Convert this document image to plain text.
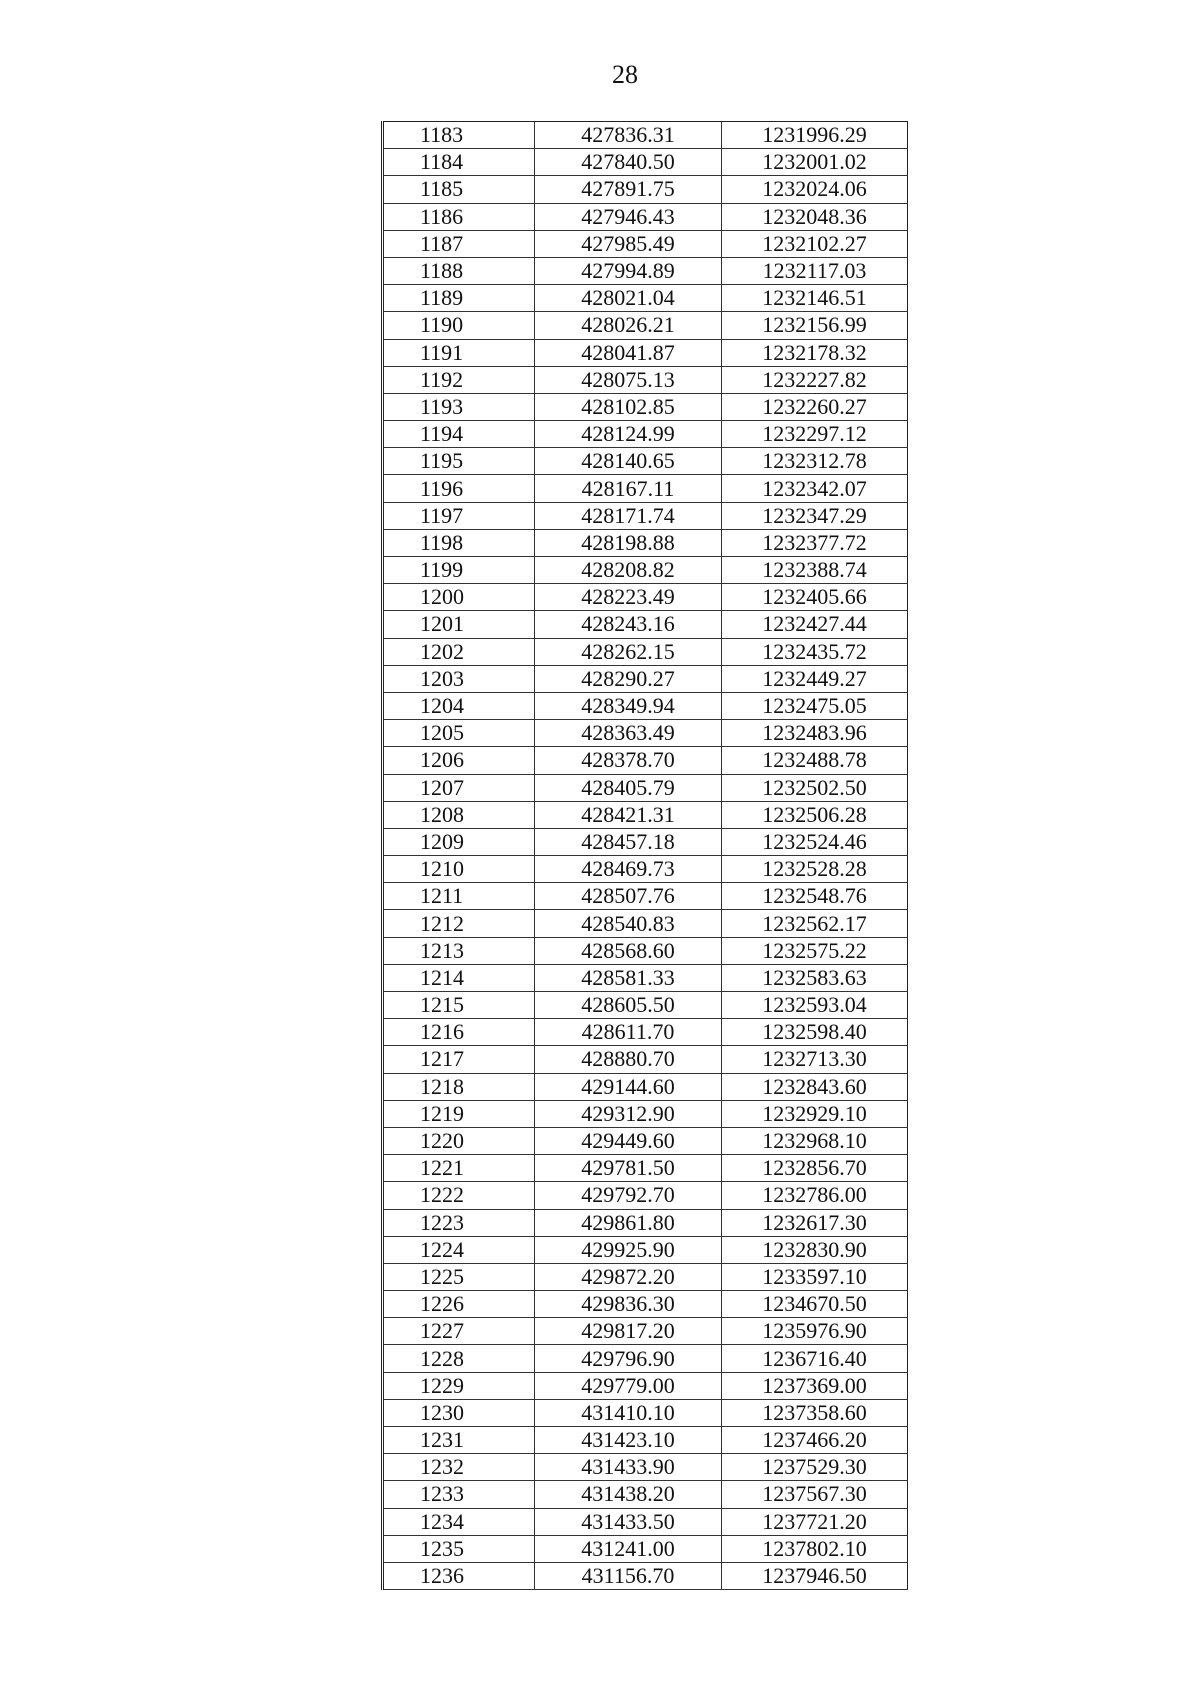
28
1183	427836.31	1231996.29
1184	427840.50	1232001.02
1185	427891.75	1232024.06
1186	427946.43	1232048.36
1187	427985.49	1232102.27
1188	427994.89	1232117.03
1189	428021.04	1232146.51
1190	428026.21	1232156.99
1191	428041.87	1232178.32
1192	428075.13	1232227.82
1193	428102.85	1232260.27
1194	428124.99	1232297.12
1195	428140.65	1232312.78
1196	428167.11	1232342.07
1197	428171.74	1232347.29
1198	428198.88	1232377.72
1199	428208.82	1232388.74
1200	428223.49	1232405.66
1201	428243.16	1232427.44
1202	428262.15	1232435.72
1203	428290.27	1232449.27
1204	428349.94	1232475.05
1205	428363.49	1232483.96
1206	428378.70	1232488.78
1207	428405.79	1232502.50
1208	428421.31	1232506.28
1209	428457.18	1232524.46
1210	428469.73	1232528.28
1211	428507.76	1232548.76
1212	428540.83	1232562.17
1213	428568.60	1232575.22
1214	428581.33	1232583.63
1215	428605.50	1232593.04
1216	428611.70	1232598.40
1217	428880.70	1232713.30
1218	429144.60	1232843.60
1219	429312.90	1232929.10
1220	429449.60	1232968.10
1221	429781.50	1232856.70
1222	429792.70	1232786.00
1223	429861.80	1232617.30
1224	429925.90	1232830.90
1225	429872.20	1233597.10
1226	429836.30	1234670.50
1227	429817.20	1235976.90
1228	429796.90	1236716.40
1229	429779.00	1237369.00
1230	431410.10	1237358.60
1231	431423.10	1237466.20
1232	431433.90	1237529.30
1233	431438.20	1237567.30
1234	431433.50	1237721.20
1235	431241.00	1237802.10
1236	431156.70	1237946.50
